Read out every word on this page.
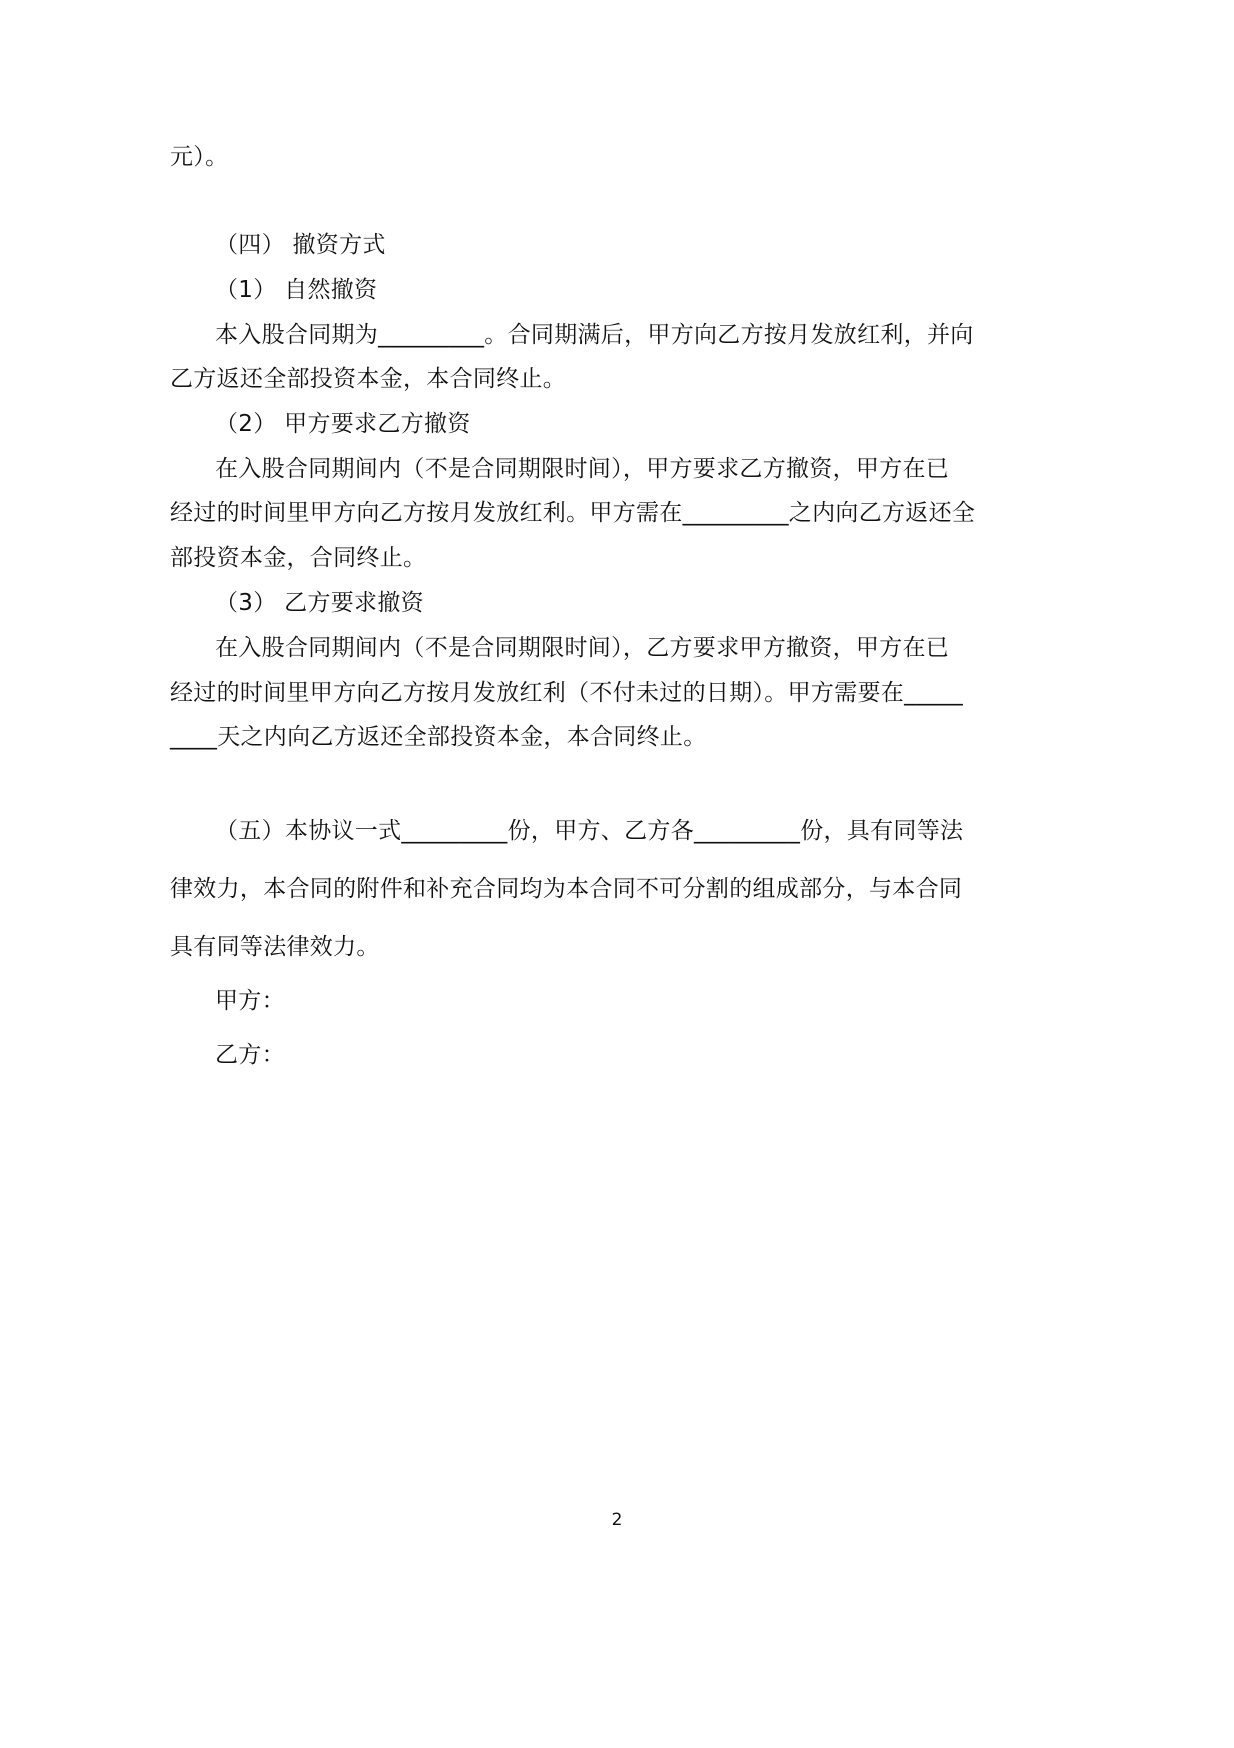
元）。
（四） 撤资方式
（1） 自然撤资
本入股合同期为_________。合同期满后，甲方向乙方按月发放红利，并向
乙方返还全部投资本金，本合同终止。
（2） 甲方要求乙方撤资
在入股合同期间内（不是合同期限时间），甲方要求乙方撤资，甲方在已
经过的时间里甲方向乙方按月发放红利。甲方需在_________之内向乙方返还全
部投资本金，合同终止。
（3） 乙方要求撤资
在入股合同期间内（不是合同期限时间），乙方要求甲方撤资，甲方在已
经过的时间里甲方向乙方按月发放红利（不付未过的日期）。甲方需要在_____
____天之内向乙方返还全部投资本金，本合同终止。
（五）本协议一式_________份，甲方、乙方各_________份，具有同等法
律效力，本合同的附件和补充合同均为本合同不可分割的组成部分，与本合同
具有同等法律效力。
甲方：
乙方：
2
